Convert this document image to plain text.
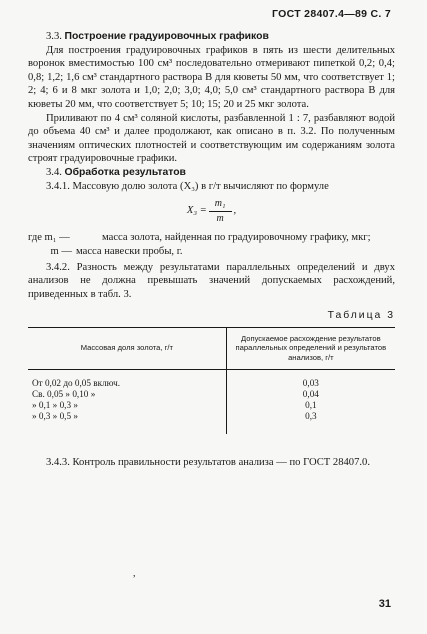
ГОСТ 28407.4—89 С. 7

3.3. Построение градуировочных графиков

Для построения градуировочных графиков в пять из шести делительных воронок вместимостью 100 см³ последовательно отмеривают пипеткой 0,2; 0,4; 0,8; 1,2; 1,6 см³ стандартного раствора В для кюветы 50 мм, что соответствует 1; 2; 4; 6 и 8 мкг золота и 1,0; 2,0; 3,0; 4,0; 5,0 см³ стандартного раствора В для кюветы 20 мм, что соответствует 5; 10; 15; 20 и 25 мкг золота.

Приливают по 4 см³ соляной кислоты, разбавленной 1 : 7, разбавляют водой до объема 40 см³ и далее продолжают, как описано в п. 3.2. По полученным значениям оптических плотностей и соответствующим им содержаниям золота строят градуировочные графики.

3.4. Обработка результатов

3.4.1. Массовую долю золота (X₃) в г/т вычисляют по формуле

$X_3 = \frac{\text{m₁}}{m}$ ,
где m₁ —	масса золота, найденная по градуировочному графику, мкг;
m — масса навески пробы, г.

3.4.2. Разность между результатами параллельных определений и двух анализов не должна превышать значений допускаемых расхождений, приведенных в табл. 3.

Таблица 3
Массовая доля золота, г/т	Допускаемое расхождение результатов параллельных определений и результатов анализов, г/т
От 0,02 до 0,05 включ.	0,03
Св. 0,05 » 0,10 »	0,04
» 0,1 » 0,3 »	0,1
» 0,3 » 0,5 »	0,3

3.4.3. Контроль правильности результатов анализа — по ГОСТ 28407.0.

,
31
